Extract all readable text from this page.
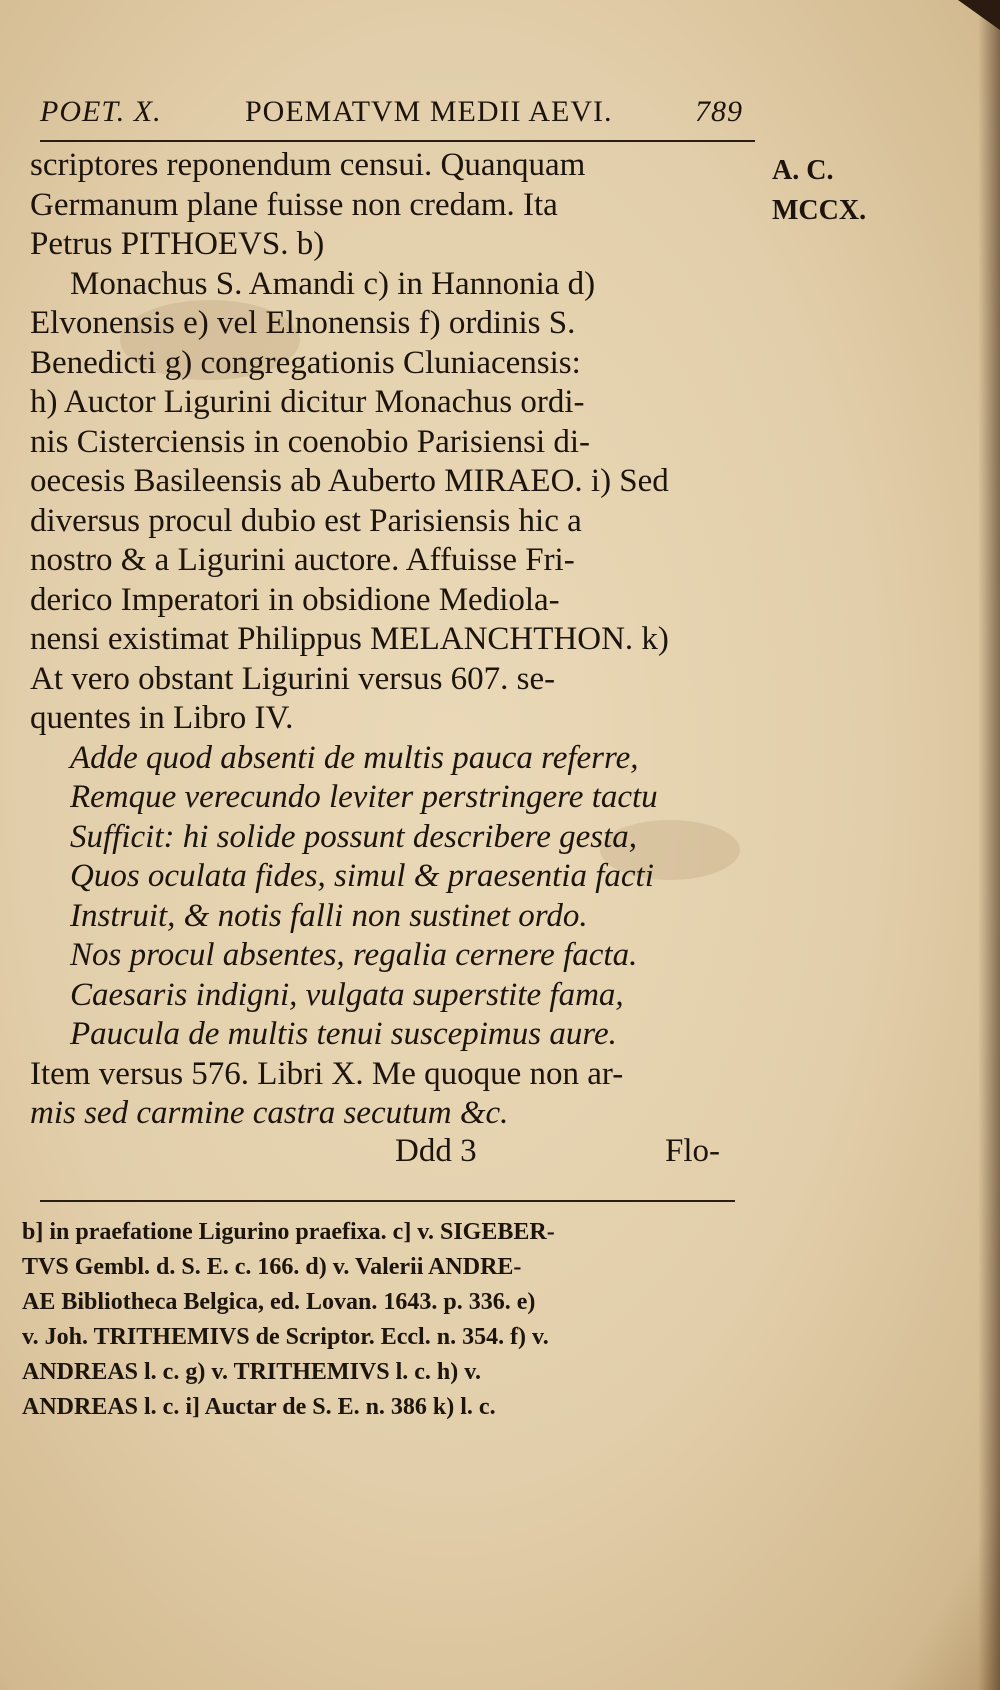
POET. X.	POEMATVM MEDII AEVI.	789
A. C.
MCCX.
scriptores reponendum censui. Quanquam
Germanum plane fuisse non credam. Ita
Petrus PITHOEVS. b)
Monachus S. Amandi c) in Hannonia d)
Elvonensis e) vel Elnonensis f) ordinis S.
Benedicti g) congregationis Cluniacensis:
h) Auctor Ligurini dicitur Monachus ordi-
nis Cisterciensis in coenobio Parisiensi di-
oecesis Basileensis ab Auberto MIRAEO. i) Sed
diversus procul dubio est Parisiensis hic a
nostro & a Ligurini auctore. Affuisse Fri-
derico Imperatori in obsidione Mediola-
nensi existimat Philippus MELANCHTHON. k)
At vero obstant Ligurini versus 607. se-
quentes in Libro IV.
Adde quod absenti de multis pauca referre,
Remque verecundo leviter perstringere tactu
Sufficit: hi solide possunt describere gesta,
Quos oculata fides, simul & praesentia facti
Instruit, & notis falli non sustinet ordo.
Nos procul absentes, regalia cernere facta.
Caesaris indigni, vulgata superstite fama,
Paucula de multis tenui suscepimus aure.
Item versus 576. Libri X. Me quoque non ar-
mis sed carmine castra secutum &c.
Ddd 3	Flo-
b] in praefatione Ligurino praefixa. c] v. SIGEBER-
TVS Gembl. d. S. E. c. 166. d) v. Valerii ANDRE-
AE Bibliotheca Belgica, ed. Lovan. 1643. p. 336. e)
v. Joh. TRITHEMIVS de Scriptor. Eccl. n. 354. f) v.
ANDREAS l. c. g) v. TRITHEMIVS l. c. h) v.
ANDREAS l. c. i] Auctar de S. E. n. 386 k) l. c.
